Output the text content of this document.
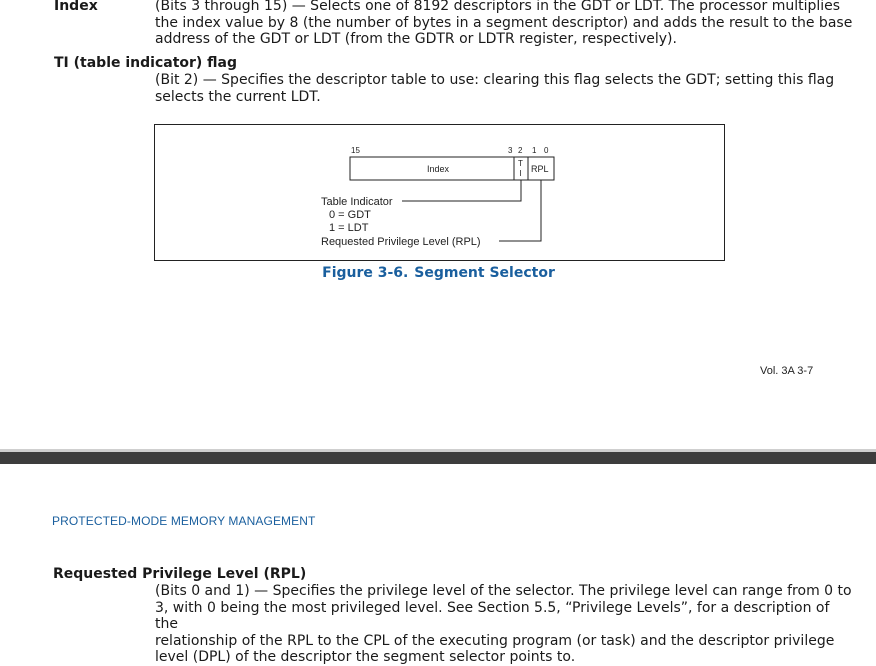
Index	(Bits 3 through 15) — Selects one of 8192 descriptors in the GDT or LDT. The processor multiplies
the index value by 8 (the number of bytes in a segment descriptor) and adds the result to the base
address of the GDT or LDT (from the GDTR or LDTR register, respectively).
TI (table indicator) flag
(Bit 2) — Specifies the descriptor table to use: clearing this flag selects the GDT; setting this flag
selects the current LDT.
15	3 2 1 0
Index
T
I RPL
Table Indicator
0 = GDT
1 = LDT
Requested Privilege Level (RPL)
Figure 3-6. Segment Selector
Vol. 3A 3-7
PROTECTED-MODE MEMORY MANAGEMENT
Requested Privilege Level (RPL)
(Bits 0 and 1) — Specifies the privilege level of the selector. The privilege level can range from 0 to
3, with 0 being the most privileged level. See Section 5.5, “Privilege Levels”, for a description of the
relationship of the RPL to the CPL of the executing program (or task) and the descriptor privilege
level (DPL) of the descriptor the segment selector points to.
